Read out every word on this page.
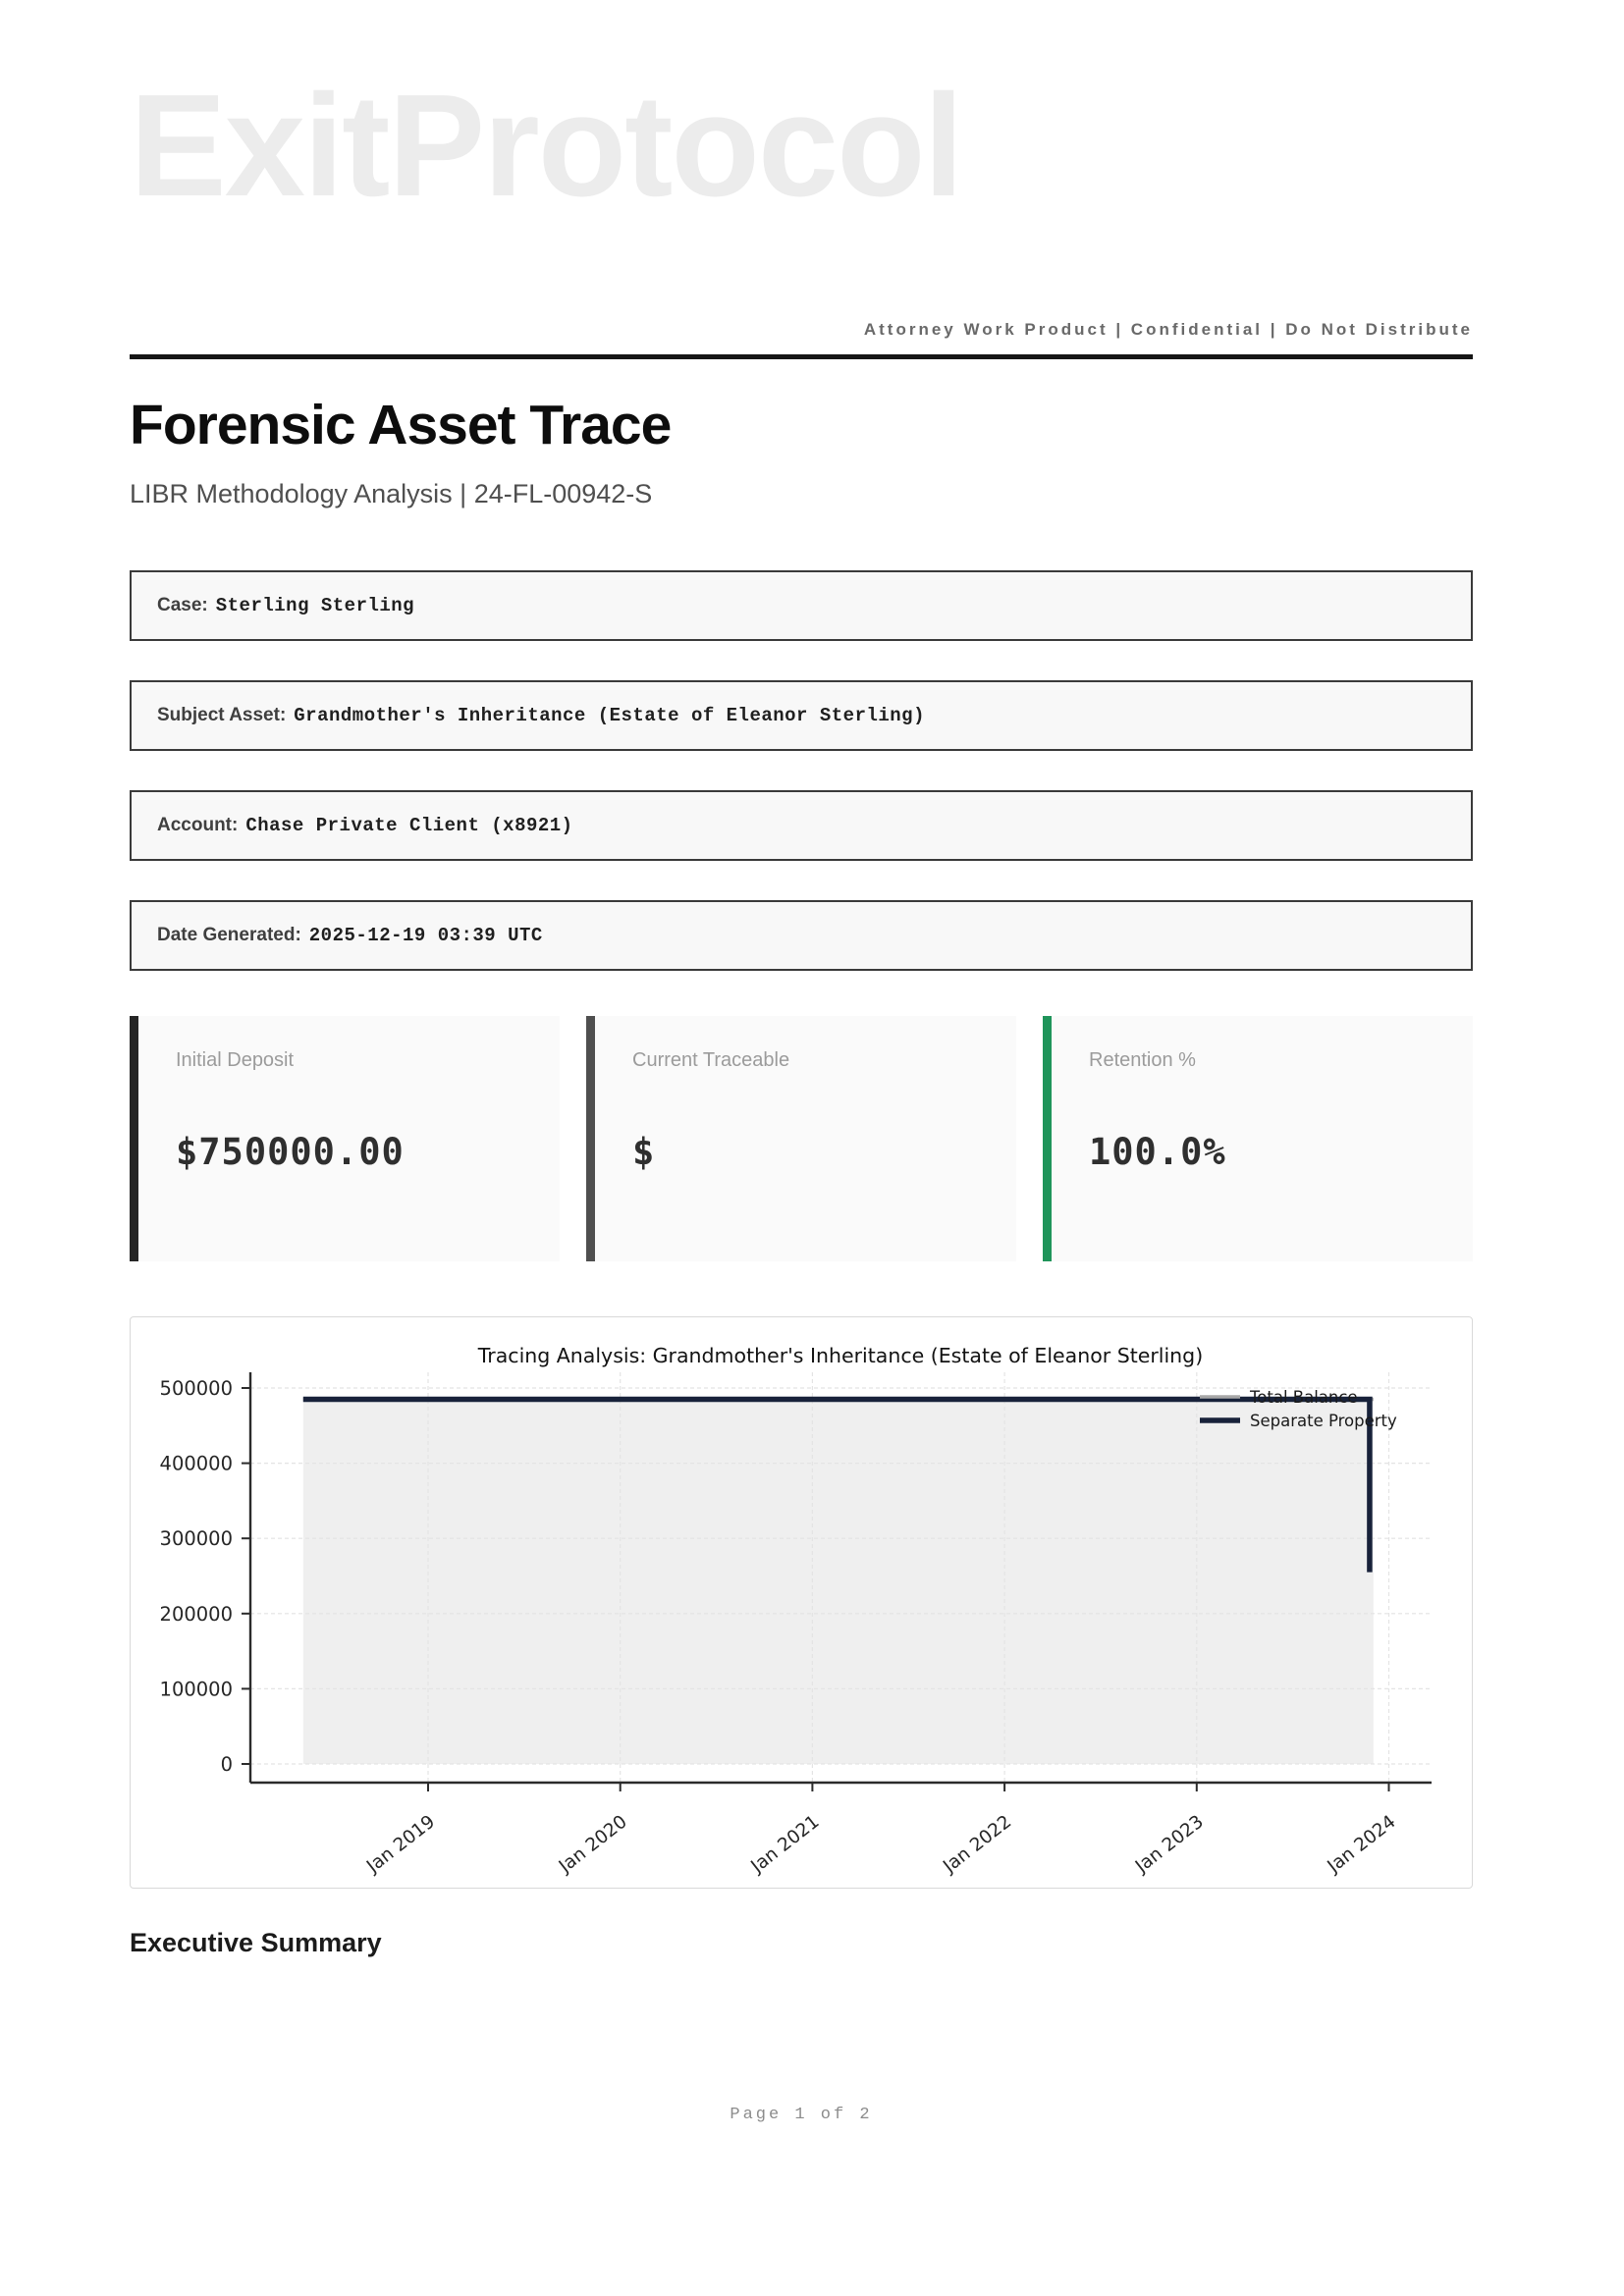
ExitProtocol

Attorney Work Product | Confidential | Do Not Distribute
Forensic Asset Trace
LIBR Methodology Analysis | 24-FL-00942-S
Case: Sterling Sterling
Subject Asset: Grandmother's Inheritance (Estate of Eleanor Sterling)
Account: Chase Private Client (x8921)
Date Generated: 2025-12-19 03:39 UTC
Initial Deposit
$750000.00
Current Traceable
$
Retention %
100.0%
0
100000
200000
300000
400000
500000
Jan 2019	Jan 2020	Jan 2021	Jan 2022	Jan 2023	Jan 2024
Total Balance
Separate Property
Tracing Analysis: Grandmother's Inheritance (Estate of Eleanor Sterling)
Executive Summary
Page 1 of 2
